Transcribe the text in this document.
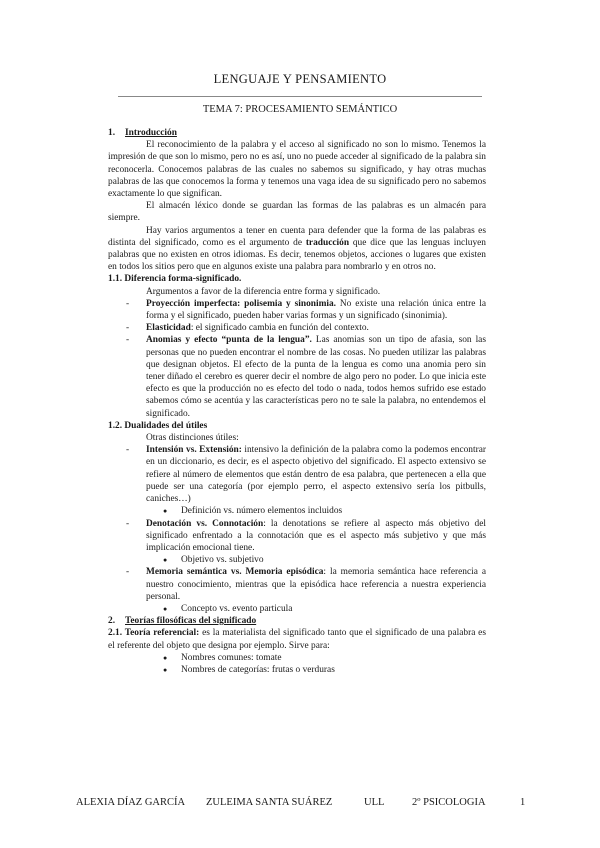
LENGUAJE Y PENSAMIENTO
TEMA 7: PROCESAMIENTO SEMÁNTICO

1. Introducción

El reconocimiento de la palabra y el acceso al significado no son lo mismo. Tenemos la impresión de que son lo mismo, pero no es así, uno no puede acceder al significado de la palabra sin reconocerla. Conocemos palabras de las cuales no sabemos su significado, y hay otras muchas palabras de las que conocemos la forma y tenemos una vaga idea de su significado pero no sabemos exactamente lo que significan.

El almacén léxico donde se guardan las formas de las palabras es un almacén para siempre.

Hay varios argumentos a tener en cuenta para defender que la forma de las palabras es distinta del significado, como es el argumento de traducción que dice que las lenguas incluyen palabras que no existen en otros idiomas. Es decir, tenemos objetos, acciones o lugares que existen en todos los sitios pero que en algunos existe una palabra para nombrarlo y en otros no.

1.1. Diferencia forma-significado.

Argumentos a favor de la diferencia entre forma y significado.

- Proyección imperfecta: polisemia y sinonimia. No existe una relación única entre la forma y el significado, pueden haber varias formas y un significado (sinonimia).

- Elasticidad: el significado cambia en función del contexto.

- Anomias y efecto “punta de la lengua”. Las anomias son un tipo de afasia, son las personas que no pueden encontrar el nombre de las cosas. No pueden utilizar las palabras que designan objetos. El efecto de la punta de la lengua es como una anomia pero sin tener diñado el cerebro es querer decir el nombre de algo pero no poder. Lo que inicia este efecto es que la producción no es efecto del todo o nada, todos hemos sufrido ese estado sabemos cómo se acentúa y las características pero no te sale la palabra, no entendemos el significado.

1.2. Dualidades del útiles

Otras distinciones útiles:

- Intensión vs. Extensión: intensivo la definición de la palabra como la podemos encontrar en un diccionario, es decir, es el aspecto objetivo del significado. El aspecto extensivo se refiere al número de elementos que están dentro de esa palabra, que pertenecen a ella que puede ser una categoría (por ejemplo perro, el aspecto extensivo sería los pitbulls, caniches…)

● Definición vs. número elementos incluidos

- Denotación vs. Connotación: la denotations se refiere al aspecto más objetivo del significado enfrentado a la connotación que es el aspecto más subjetivo y que más implicación emocional tiene.

● Objetivo vs. subjetivo

- Memoria semántica vs. Memoria episódica: la memoria semántica hace referencia a nuestro conocimiento, mientras que la episódica hace referencia a nuestra experiencia personal.

● Concepto vs. evento particula

2. Teorías filosóficas del significado

2.1. Teoría referencial: es la materialista del significado tanto que el significado de una palabra es el referente del objeto que designa por ejemplo. Sirve para:

● Nombres comunes: tomate

● Nombres de categorías: frutas o verduras

ALEXIA DÍAZ GARCÍA ZULEIMA SANTA SUÁREZ	ULL	2º PSICOLOGIA	1
